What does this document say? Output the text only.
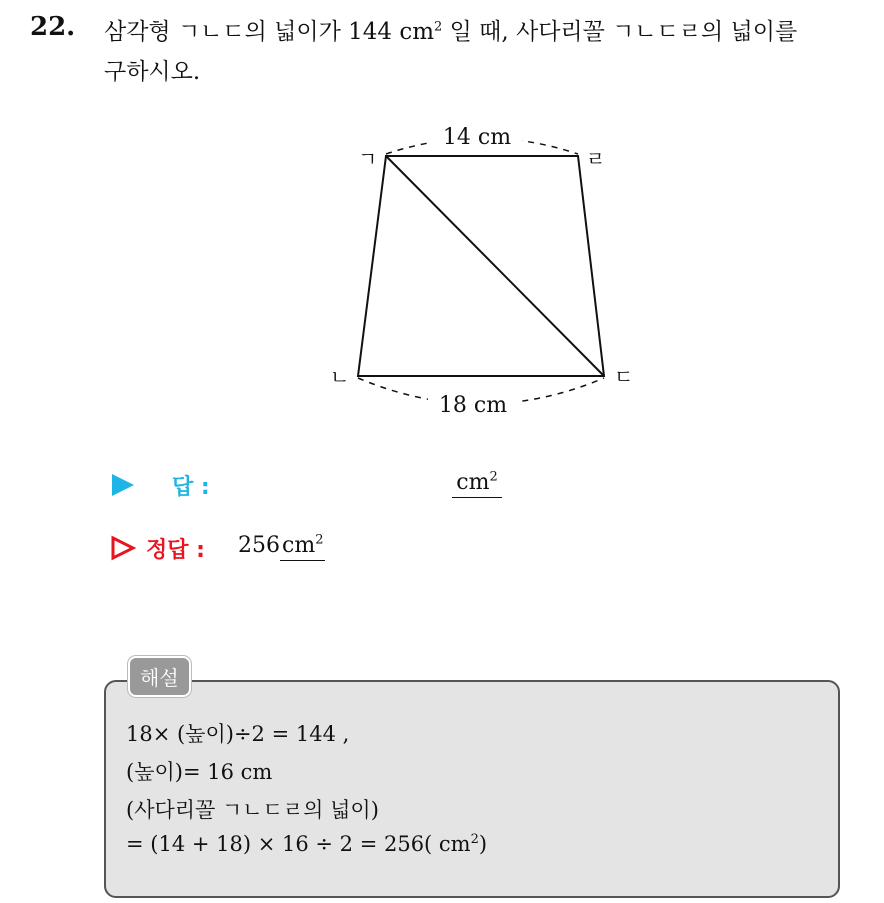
22. 삼각형 ㄱㄴㄷ의 넓이가 144 $cm^2$ 일 때, 사다리꼴 ㄱㄴㄷㄹ의 넓이를
구하시오.
14 cm
18 cm
ㄱ	ㄹ
ㄴ	ㄷ
답 :	$cm^2$
정답 : $256cm^2$
해설
18× (높이)÷2 = 144 ,
(높이)= 16 cm
(사다리꼴 ㄱㄴㄷㄹ의 넓이)
= (14 + 18) × 16 ÷ 2 = 256( $cm^2$)
